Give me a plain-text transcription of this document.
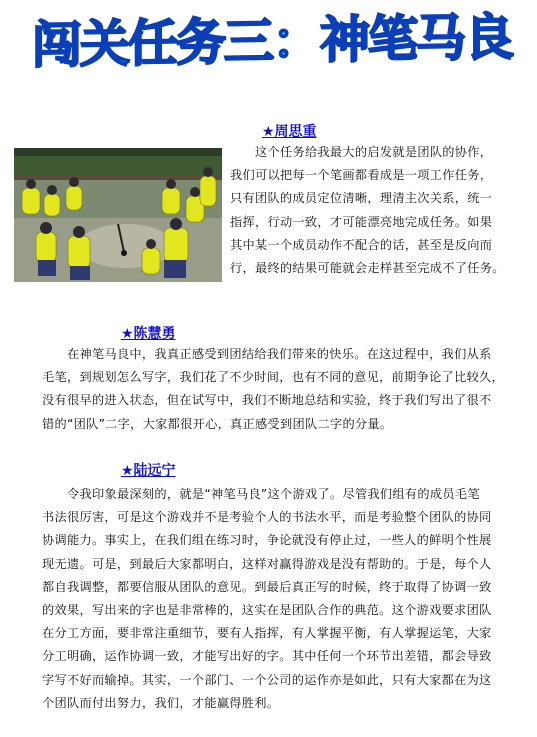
闯关任务三：神笔马良
★周思重

这个任务给我最大的启发就是团队的协作，
我们可以把每一个笔画都看成是一项工作任务，
只有团队的成员定位清晰，理清主次关系，统一
指挥，行动一致，才可能漂亮地完成任务。如果
其中某一个成员动作不配合的话，甚至是反向而
行，最终的结果可能就会走样甚至完成不了任务。

★陈慧勇

在神笔马良中，我真正感受到团结给我们带来的快乐。在这过程中，我们从系
毛笔，到规划怎么写字，我们花了不少时间，也有不同的意见，前期争论了比较久，
没有很早的进入状态，但在试写中，我们不断地总结和实验，终于我们写出了很不
错的“团队”二字，大家都很开心，真正感受到团队二字的分量。

★陆远宁

令我印象最深刻的，就是“神笔马良”这个游戏了。尽管我们组有的成员毛笔
书法很厉害，可是这个游戏并不是考验个人的书法水平，而是考验整个团队的协同
协调能力。事实上，在我们组在练习时，争论就没有停止过，一些人的鲜明个性展
现无遗。可是，到最后大家都明白，这样对赢得游戏是没有帮助的。于是，每个人
都自我调整，都要信服从团队的意见。到最后真正写的时候，终于取得了协调一致
的效果，写出来的字也是非常棒的，这实在是团队合作的典范。这个游戏要求团队
在分工方面，要非常注重细节，要有人指挥，有人掌握平衡，有人掌握运笔，大家
分工明确，运作协调一致，才能写出好的字。其中任何一个环节出差错，都会导致
字写不好而输掉。其实，一个部门、一个公司的运作亦是如此，只有大家都在为这
个团队而付出努力，我们，才能赢得胜利。
